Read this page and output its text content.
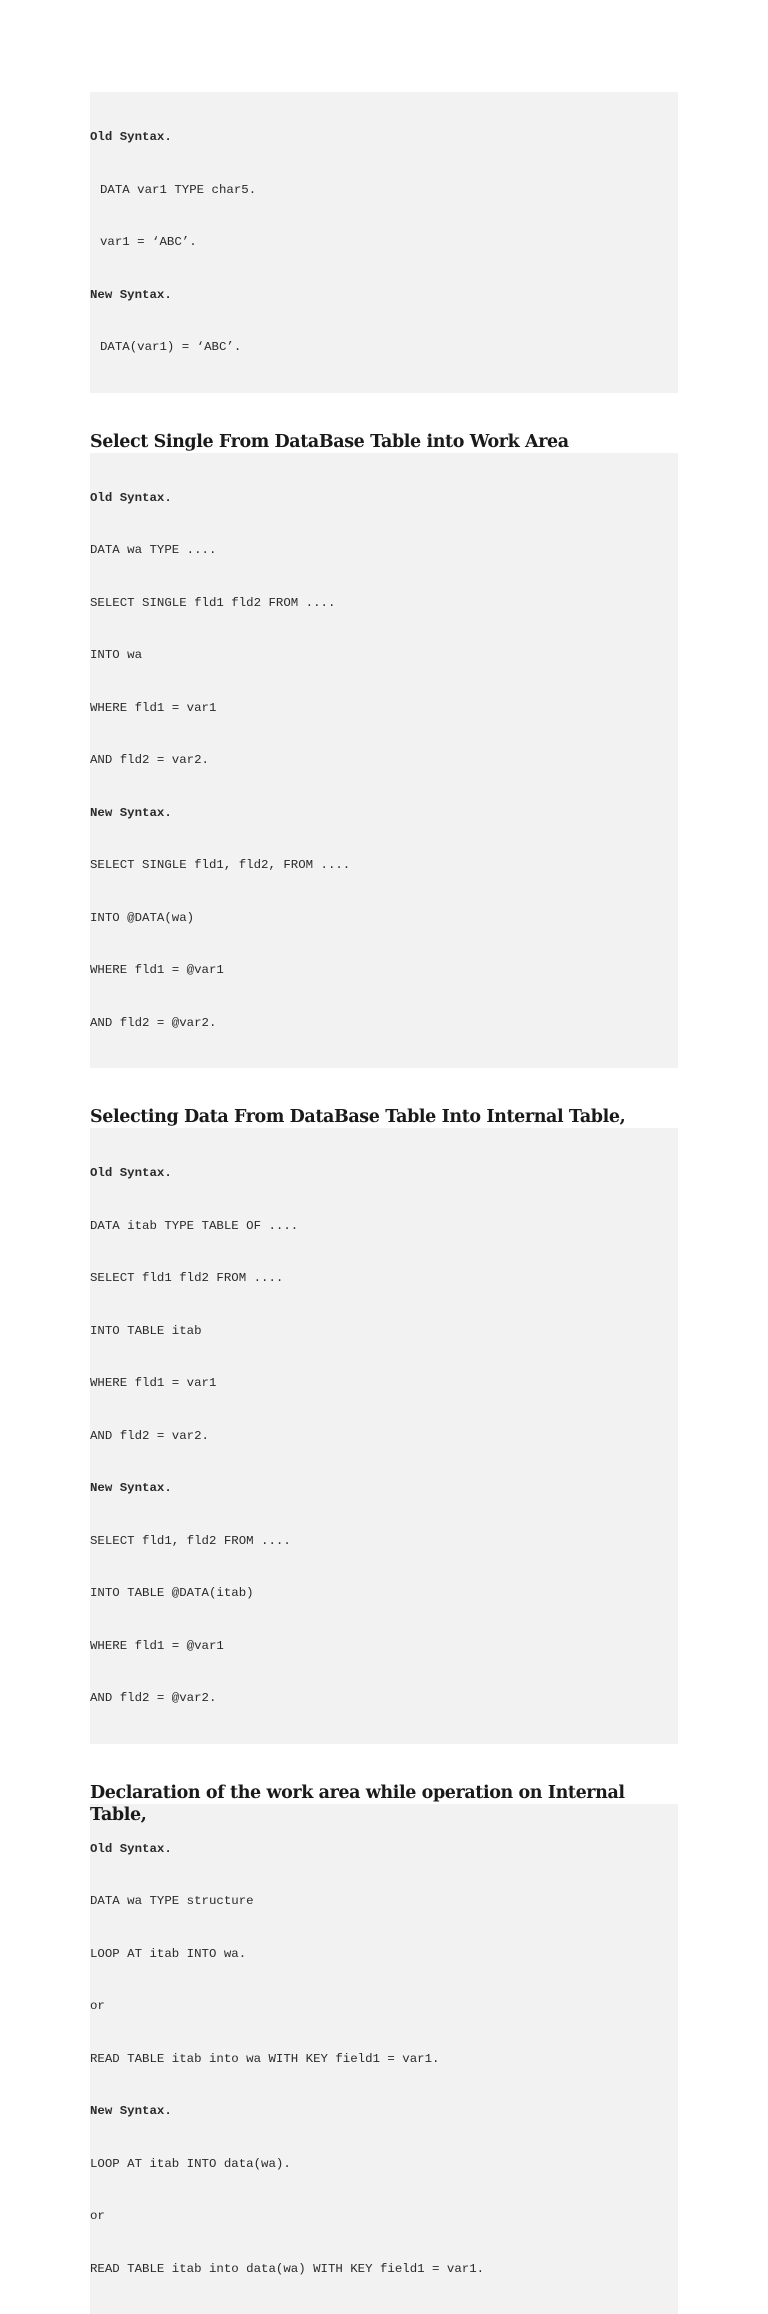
Old Syntax.

DATA var1 TYPE char5.

var1 = ‘ABC’.

New Syntax.

DATA(var1) = ‘ABC’.

Select Single From DataBase Table into Work Area

Old Syntax.

DATA wa TYPE ....

SELECT SINGLE fld1 fld2 FROM ....

INTO wa

WHERE fld1 = var1

AND fld2 = var2.

New Syntax.

SELECT SINGLE fld1, fld2, FROM ....

INTO @DATA(wa)

WHERE fld1 = @var1

AND fld2 = @var2.

Selecting Data From DataBase Table Into Internal Table,

Old Syntax.

DATA itab TYPE TABLE OF ....

SELECT fld1 fld2 FROM ....

INTO TABLE itab

WHERE fld1 = var1

AND fld2 = var2.

New Syntax.

SELECT fld1, fld2 FROM ....

INTO TABLE @DATA(itab)

WHERE fld1 = @var1

AND fld2 = @var2.

Declaration of the work area while operation on Internal Table,

Old Syntax.

DATA wa TYPE structure

LOOP AT itab INTO wa.

or

READ TABLE itab into wa WITH KEY field1 = var1.

New Syntax.

LOOP AT itab INTO data(wa).

or

READ TABLE itab into data(wa) WITH KEY field1 = var1.
